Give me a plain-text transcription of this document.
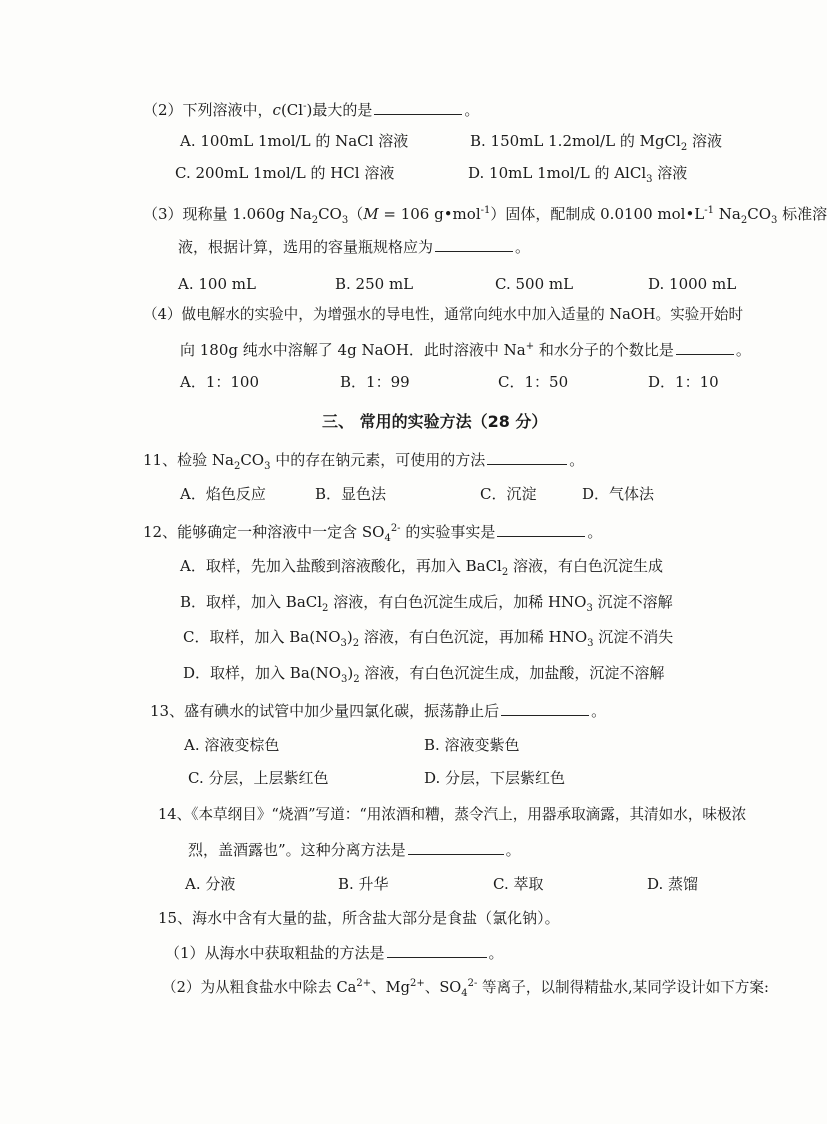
（2）下列溶液中，c(Cl-)最大的是	。
A. 100mL 1mol/L 的 NaCl 溶液	B. 150mL 1.2mol/L 的 MgCl$_2$ 溶液
C. 200mL 1mol/L 的 HCl 溶液	D. 10mL 1mol/L 的 AlCl$_3$ 溶液
（3）现称量 1.060g $Na_2CO_3(M = 106$ g•mol$^{-1}$）固体，配制成 0.0100 $mol•L^{-1}$ $Na_2CO_3$ 标准溶
液，根据计算，选用的容量瓶规格应为	。
A. 100 mL	B. 250 mL	C. 500 mL	D. 1000 mL
（4）做电解水的实验中，为增强水的导电性，通常向纯水中加入适量的 NaOH。实验开始时
向 180g 纯水中溶解了 4g NaOH．此时溶液中 Na+ 和水分子的个数比是	。
A．1：100	B．1：99	C．1：50	D．1：10
三、 常用的实验方法（28 分）
11、检验 $Na_2CO_3$ 中的存在钠元素，可使用的方法	。
A．焰色反应	B．显色法	C．沉淀	D．气体法
12、能够确定一种溶液中一定含 $SO_4^{2-}$ 的实验事实是	。
A．取样，先加入盐酸到溶液酸化，再加入 BaCl$_2$ 溶液，有白色沉淀生成
B．取样，加入 BaCl$_2$ 溶液，有白色沉淀生成后，加稀 $HNO_3$ 沉淀不溶解
C．取样，加入 $Ba(NO_3)_2$ 溶液，有白色沉淀，再加稀 $HNO_3$ 沉淀不消失
D．取样，加入 $Ba(NO_3)_2$ 溶液，有白色沉淀生成，加盐酸，沉淀不溶解
13、盛有碘水的试管中加少量四氯化碳，振荡静止后	。
A. 溶液变棕色	B. 溶液变紫色
C. 分层，上层紫红色	D. 分层，下层紫红色
14、《本草纲目》“烧酒”写道：“用浓酒和糟，蒸令汽上，用器承取滴露，其清如水，味极浓
烈，盖酒露也”。这种分离方法是	。
A. 分液	B. 升华	C. 萃取	D. 蒸馏
15、海水中含有大量的盐，所含盐大部分是食盐（氯化钠）。
（1）从海水中获取粗盐的方法是	。
（2）为从粗食盐水中除去 $Ca^{2+}$、$Mg^{2+}$、$SO_4^{2-}$ 等离子，以制得精盐水,某同学设计如下方案:
